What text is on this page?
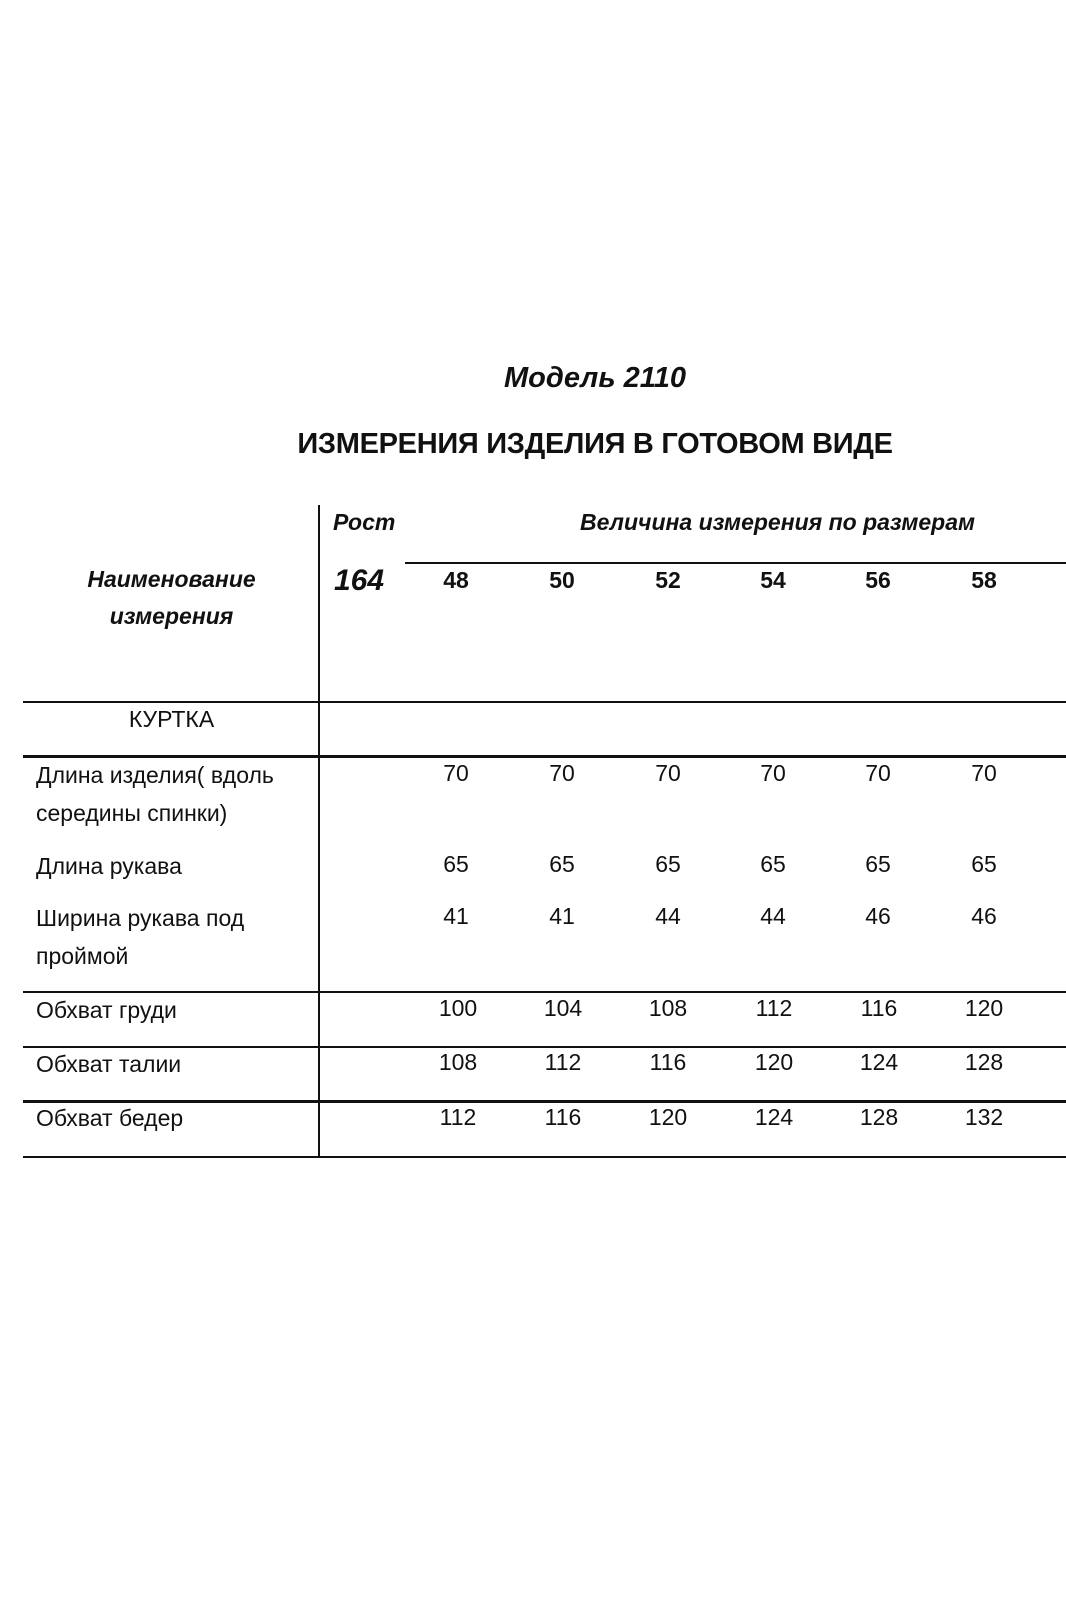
Модель 2110
ИЗМЕРЕНИЯ ИЗДЕЛИЯ В ГОТОВОМ ВИДЕ
Наименование измерения
Рост
164
Величина измерения по размерам
48	50	52	54	56	58
КУРТКА
Длина изделия( вдоль середины спинки)
70	70	70	70	70	70
Длина рукава	65	65	65	65	65	65
Ширина рукава под проймой
41	41	44	44	46	46
Обхват груди	100	104	108	112	116	120
Обхват талии	108	112	116	120	124	128
Обхват бедер	112	116	120	124	128	132
